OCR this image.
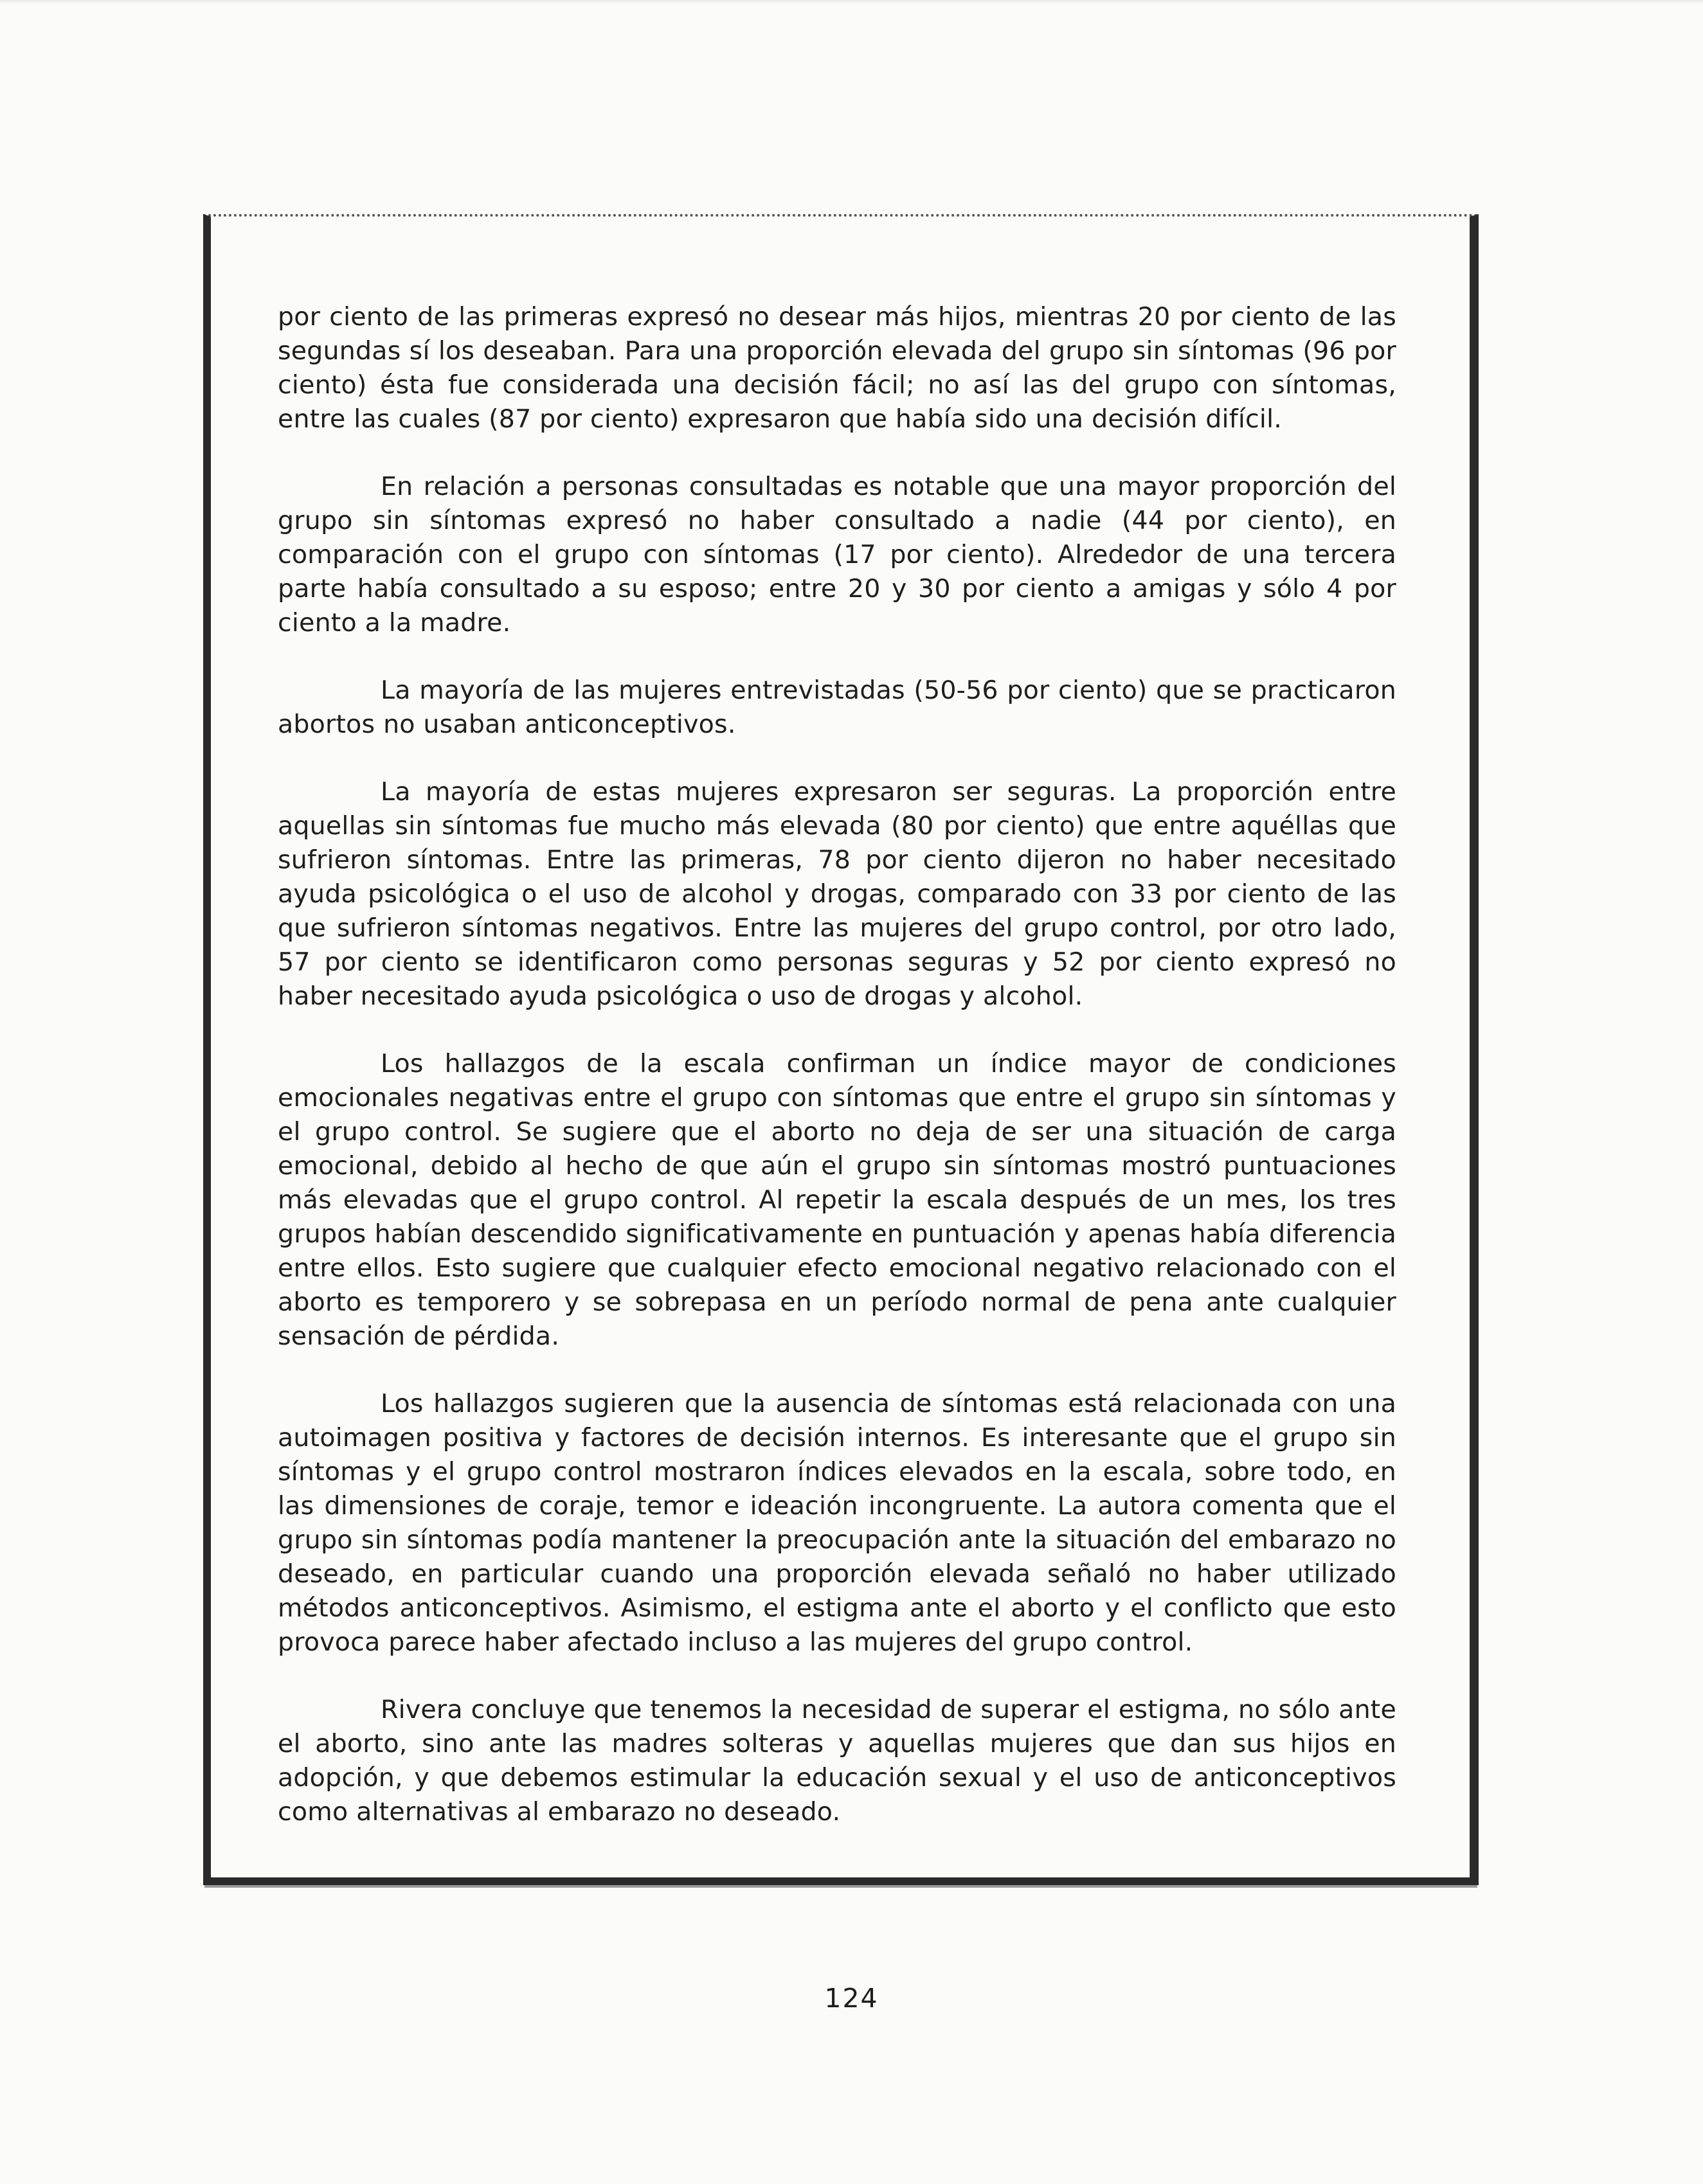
por ciento de las primeras expresó no desear más hijos, mientras 20 por ciento de las segundas sí los deseaban. Para una proporción elevada del grupo sin síntomas (96 por ciento) ésta fue considerada una decisión fácil; no así las del grupo con síntomas, entre las cuales (87 por ciento) expresaron que había sido una decisión difícil.

En relación a personas consultadas es notable que una mayor proporción del grupo sin síntomas expresó no haber consultado a nadie (44 por ciento), en comparación con el grupo con síntomas (17 por ciento). Alrededor de una tercera parte había consultado a su esposo; entre 20 y 30 por ciento a amigas y sólo 4 por ciento a la madre.

La mayoría de las mujeres entrevistadas (50-56 por ciento) que se practicaron abortos no usaban anticonceptivos.

La mayoría de estas mujeres expresaron ser seguras. La proporción entre aquellas sin síntomas fue mucho más elevada (80 por ciento) que entre aquéllas que sufrieron síntomas. Entre las primeras, 78 por ciento dijeron no haber necesitado ayuda psicológica o el uso de alcohol y drogas, comparado con 33 por ciento de las que sufrieron síntomas negativos. Entre las mujeres del grupo control, por otro lado, 57 por ciento se identificaron como personas seguras y 52 por ciento expresó no haber necesitado ayuda psicológica o uso de drogas y alcohol.

Los hallazgos de la escala confirman un índice mayor de condiciones emocionales negativas entre el grupo con síntomas que entre el grupo sin síntomas y el grupo control. Se sugiere que el aborto no deja de ser una situación de carga emocional, debido al hecho de que aún el grupo sin síntomas mostró puntuaciones más elevadas que el grupo control. Al repetir la escala después de un mes, los tres grupos habían descendido significativamente en puntuación y apenas había diferencia entre ellos. Esto sugiere que cualquier efecto emocional negativo relacionado con el aborto es temporero y se sobrepasa en un período normal de pena ante cualquier sensación de pérdida.

Los hallazgos sugieren que la ausencia de síntomas está relacionada con una autoimagen positiva y factores de decisión internos. Es interesante que el grupo sin síntomas y el grupo control mostraron índices elevados en la escala, sobre todo, en las dimensiones de coraje, temor e ideación incongruente. La autora comenta que el grupo sin síntomas podía mantener la preocupación ante la situación del embarazo no deseado, en particular cuando una proporción elevada señaló no haber utilizado métodos anticonceptivos. Asimismo, el estigma ante el aborto y el conflicto que esto provoca parece haber afectado incluso a las mujeres del grupo control.

Rivera concluye que tenemos la necesidad de superar el estigma, no sólo ante el aborto, sino ante las madres solteras y aquellas mujeres que dan sus hijos en adopción, y que debemos estimular la educación sexual y el uso de anticonceptivos como alternativas al embarazo no deseado.

124
